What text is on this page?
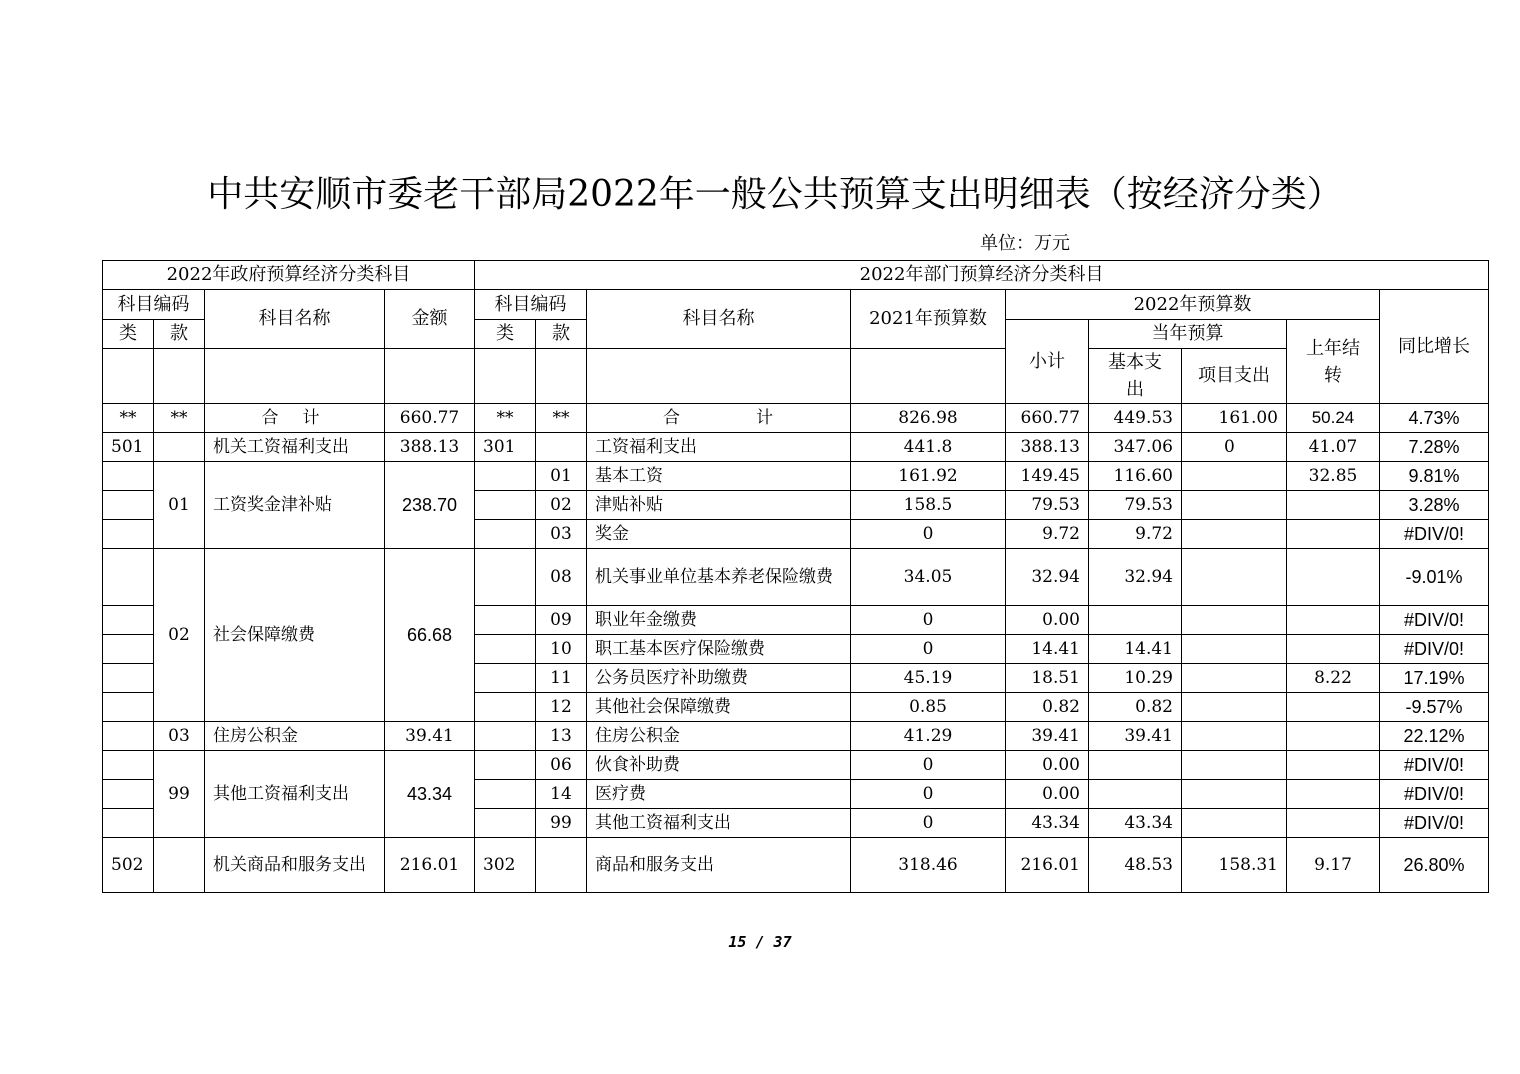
中共安顺市委老干部局2022年一般公共预算支出明细表（按经济分类）
单位：万元
2022年政府预算经济分类科目				2022年部门预算经济分类科目								
科目编码		科目名称	金额	科目编码		科目名称	2021年预算数	2022年预算数				同比增长
类	款			类	款			小计	当年预算		上年结转	
									基本支出	项目支出		

**	**	合计	660.77	**	**	合计	826.98	660.77	449.53	161.00	50.24	4.73%
501		机关工资福利支出	388.13	301		工资福利支出	441.8	388.13	347.06	0	41.07	7.28%
	01	工资奖金津补贴	238.70		01	基本工资	161.92	149.45	116.60		32.85	9.81%
					02	津贴补贴	158.5	79.53	79.53			3.28%
					03	奖金	0	9.72	9.72			#DIV/0!
	02	社会保障缴费	66.68		08	机关事业单位基本养老保险缴费	34.05	32.94	32.94			-9.01%
					09	职业年金缴费	0	0.00				#DIV/0!
					10	职工基本医疗保险缴费	0	14.41	14.41			#DIV/0!
					11	公务员医疗补助缴费	45.19	18.51	10.29		8.22	17.19%
					12	其他社会保障缴费	0.85	0.82	0.82			-9.57%
	03	住房公积金	39.41		13	住房公积金	41.29	39.41	39.41			22.12%
	99	其他工资福利支出	43.34		06	伙食补助费	0	0.00				#DIV/0!
					14	医疗费	0	0.00				#DIV/0!
					99	其他工资福利支出	0	43.34	43.34			#DIV/0!
502		机关商品和服务支出	216.01	302		商品和服务支出	318.46	216.01	48.53	158.31	9.17	26.80%
15 / 37
